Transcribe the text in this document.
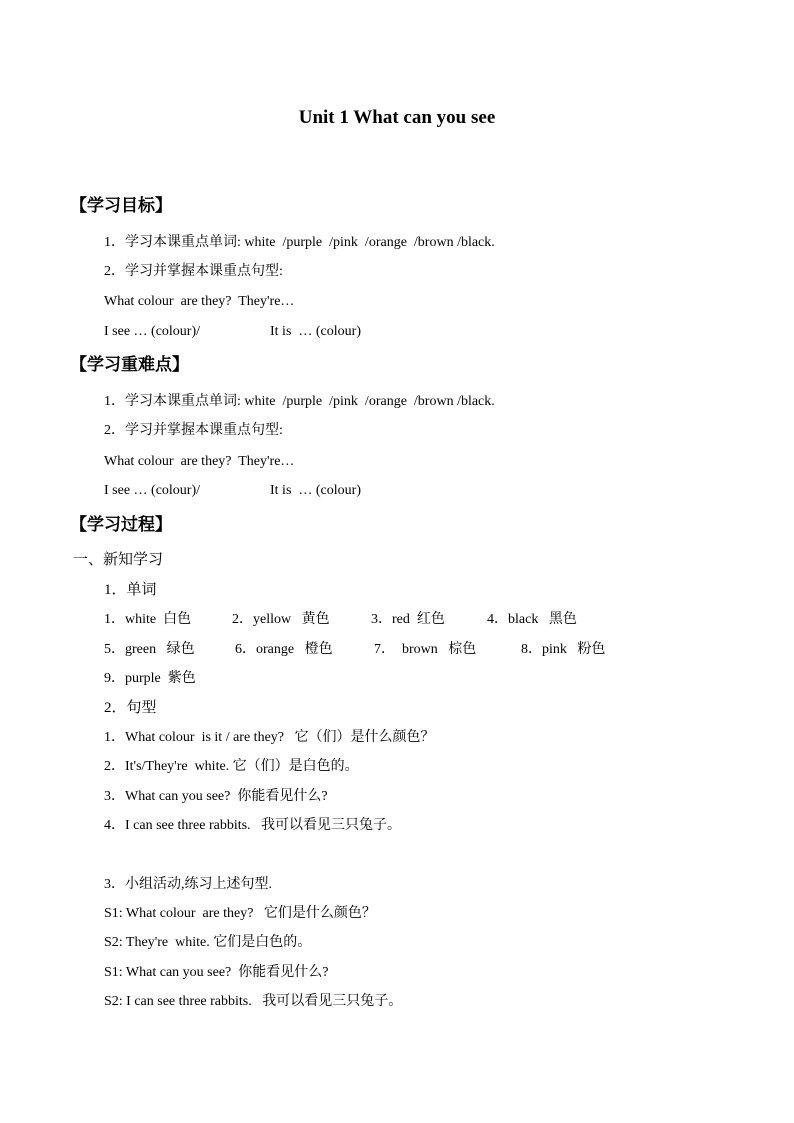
Unit 1 What can you see
【学习目标】
1．学习本课重点单词: white  /purple  /pink  /orange  /brown /black.
2．学习并掌握本课重点句型:
What colour  are they?  They're…
I see … (colour)/	It is  … (colour)
【学习重难点】
1．学习本课重点单词: white  /purple  /pink  /orange  /brown /black.
2．学习并掌握本课重点句型:
What colour  are they?  They're…
I see … (colour)/	It is  … (colour)
【学习过程】
一、新知学习
1．单词
1．white  白色	2．yellow   黄色	3．red  红色	4．black   黑色
5．green   绿色	6．orange   橙色	7．  brown   棕色	8．pink   粉色
9．purple  紫色
2．句型
1．What colour  is it / are they?   它（们）是什么颜色？
2．It's/They're  white. 它（们）是白色的。
3．What can you see?  你能看见什么?
4．I can see three rabbits.   我可以看见三只兔子。
3．小组活动,练习上述句型.
S1: What colour  are they?   它们是什么颜色？
S2: They're  white. 它们是白色的。
S1: What can you see?  你能看见什么?
S2: I can see three rabbits.   我可以看见三只兔子。
